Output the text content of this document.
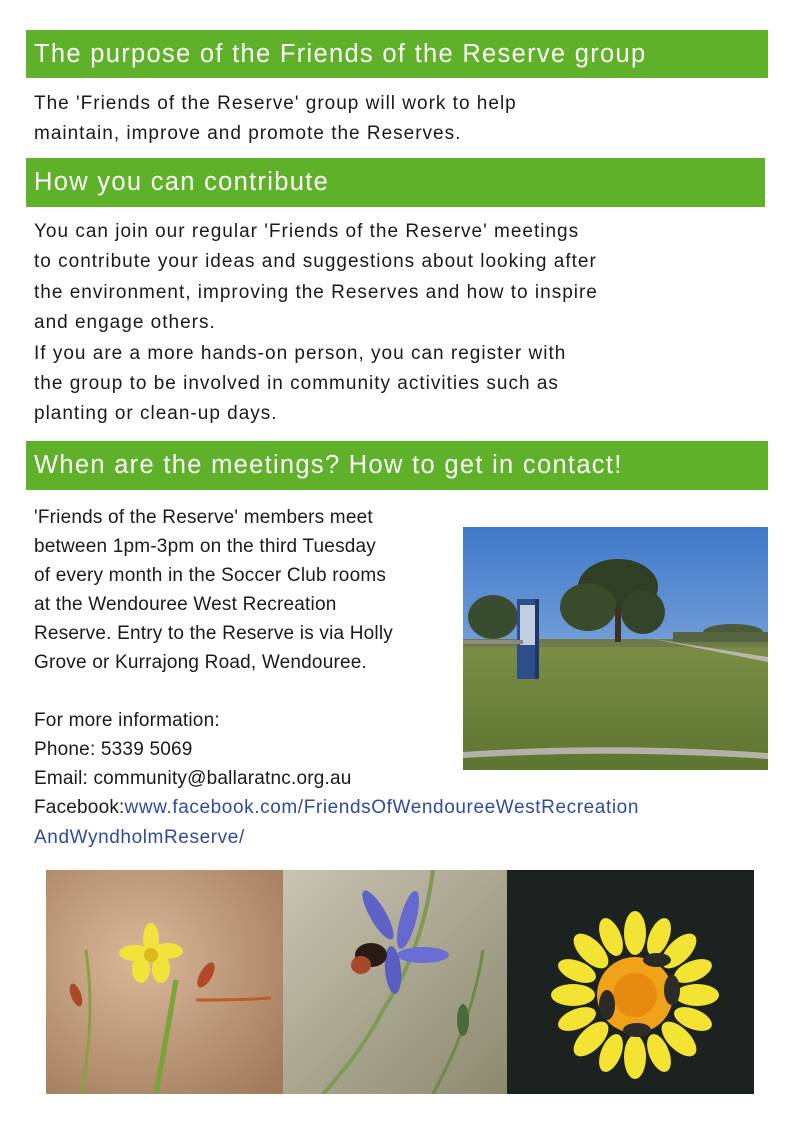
The purpose of the Friends of the Reserve group
The 'Friends of the Reserve' group will work to help
maintain, improve and promote the Reserves.
How you can contribute
You can join our regular 'Friends of the Reserve' meetings
to contribute your ideas and suggestions about looking after
the environment, improving the Reserves and how to inspire
and engage others.
If you are a more hands-on person, you can register with
the group to be involved in community activities such as
planting or clean-up days.
When are the meetings? How to get in contact!

'Friends of the Reserve' members meet

between 1pm-3pm on the third Tuesday

of every month in the Soccer Club rooms

at the Wendouree West Recreation

Reserve. Entry to the Reserve is via Holly

Grove or Kurrajong Road, Wendouree.

For more information:

Phone: 5339 5069

Email: community@ballaratnc.org.au

Facebook:www.facebook.com/FriendsOfWendoureeWestRecreation
AndWyndholmReserve/
